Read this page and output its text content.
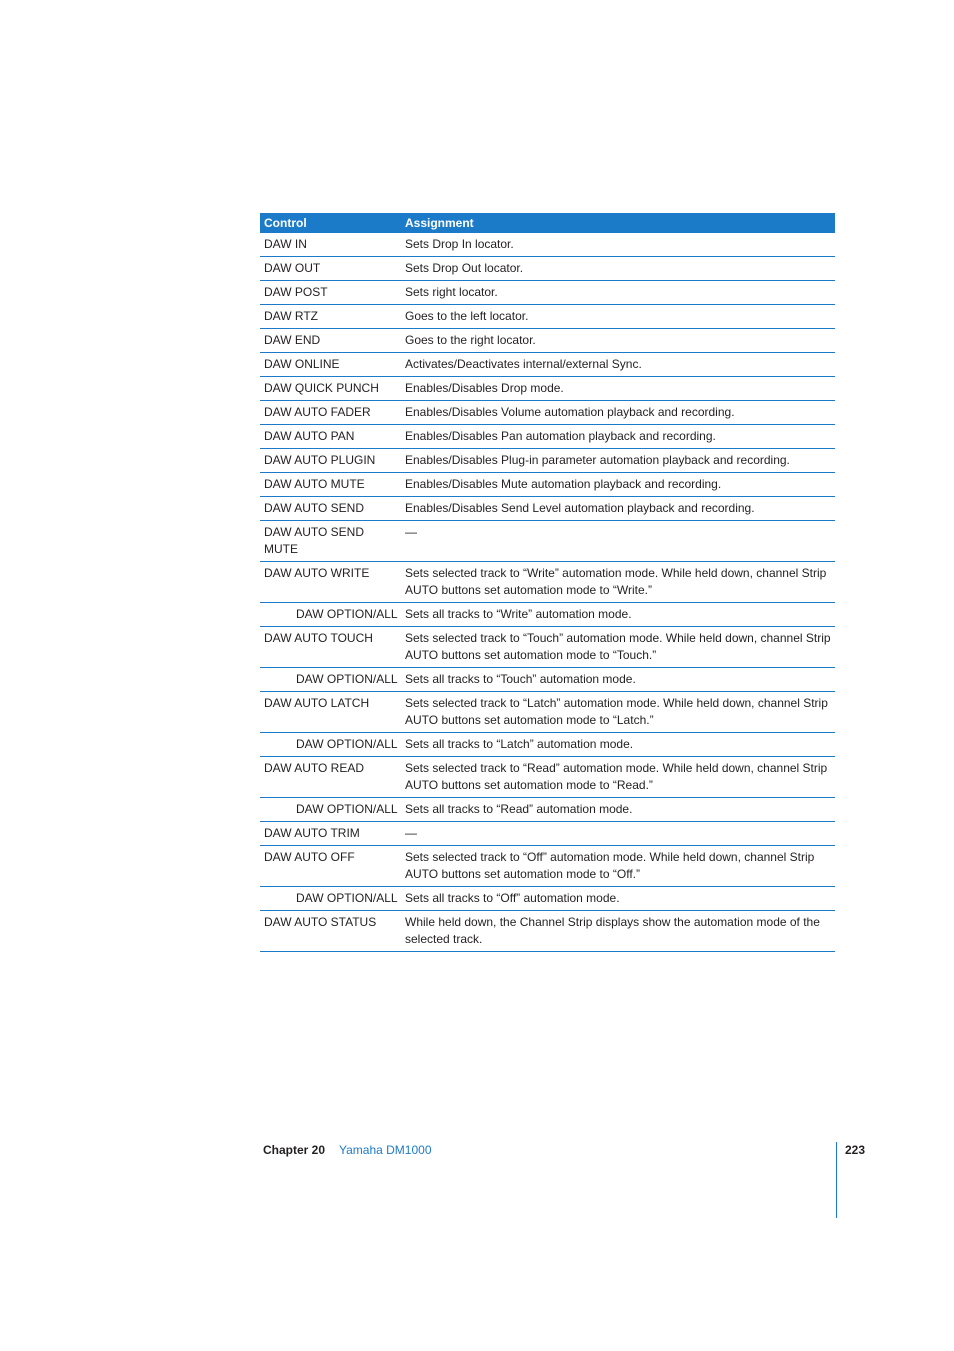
Control	Assignment
DAW IN	Sets Drop In locator.
DAW OUT	Sets Drop Out locator.
DAW POST	Sets right locator.
DAW RTZ	Goes to the left locator.
DAW END	Goes to the right locator.
DAW ONLINE	Activates/Deactivates internal/external Sync.
DAW QUICK PUNCH	Enables/Disables Drop mode.
DAW AUTO FADER	Enables/Disables Volume automation playback and recording.
DAW AUTO PAN	Enables/Disables Pan automation playback and recording.
DAW AUTO PLUGIN	Enables/Disables Plug-in parameter automation playback and recording.
DAW AUTO MUTE	Enables/Disables Mute automation playback and recording.
DAW AUTO SEND	Enables/Disables Send Level automation playback and recording.
DAW AUTO SEND MUTE	—
DAW AUTO WRITE	Sets selected track to “Write” automation mode. While held down, channel Strip AUTO buttons set automation mode to “Write.”
DAW OPTION/ALL	Sets all tracks to “Write” automation mode.
DAW AUTO TOUCH	Sets selected track to “Touch” automation mode. While held down, channel Strip AUTO buttons set automation mode to “Touch.”
DAW OPTION/ALL	Sets all tracks to “Touch” automation mode.
DAW AUTO LATCH	Sets selected track to “Latch” automation mode. While held down, channel Strip AUTO buttons set automation mode to “Latch.”
DAW OPTION/ALL	Sets all tracks to “Latch” automation mode.
DAW AUTO READ	Sets selected track to “Read” automation mode. While held down, channel Strip AUTO buttons set automation mode to “Read.”
DAW OPTION/ALL	Sets all tracks to “Read” automation mode.
DAW AUTO TRIM	—
DAW AUTO OFF	Sets selected track to “Off” automation mode. While held down, channel Strip AUTO buttons set automation mode to “Off.”
DAW OPTION/ALL	Sets all tracks to “Off” automation mode.
DAW AUTO STATUS	While held down, the Channel Strip displays show the automation mode of the selected track.
Chapter 20 Yamaha DM1000	223
